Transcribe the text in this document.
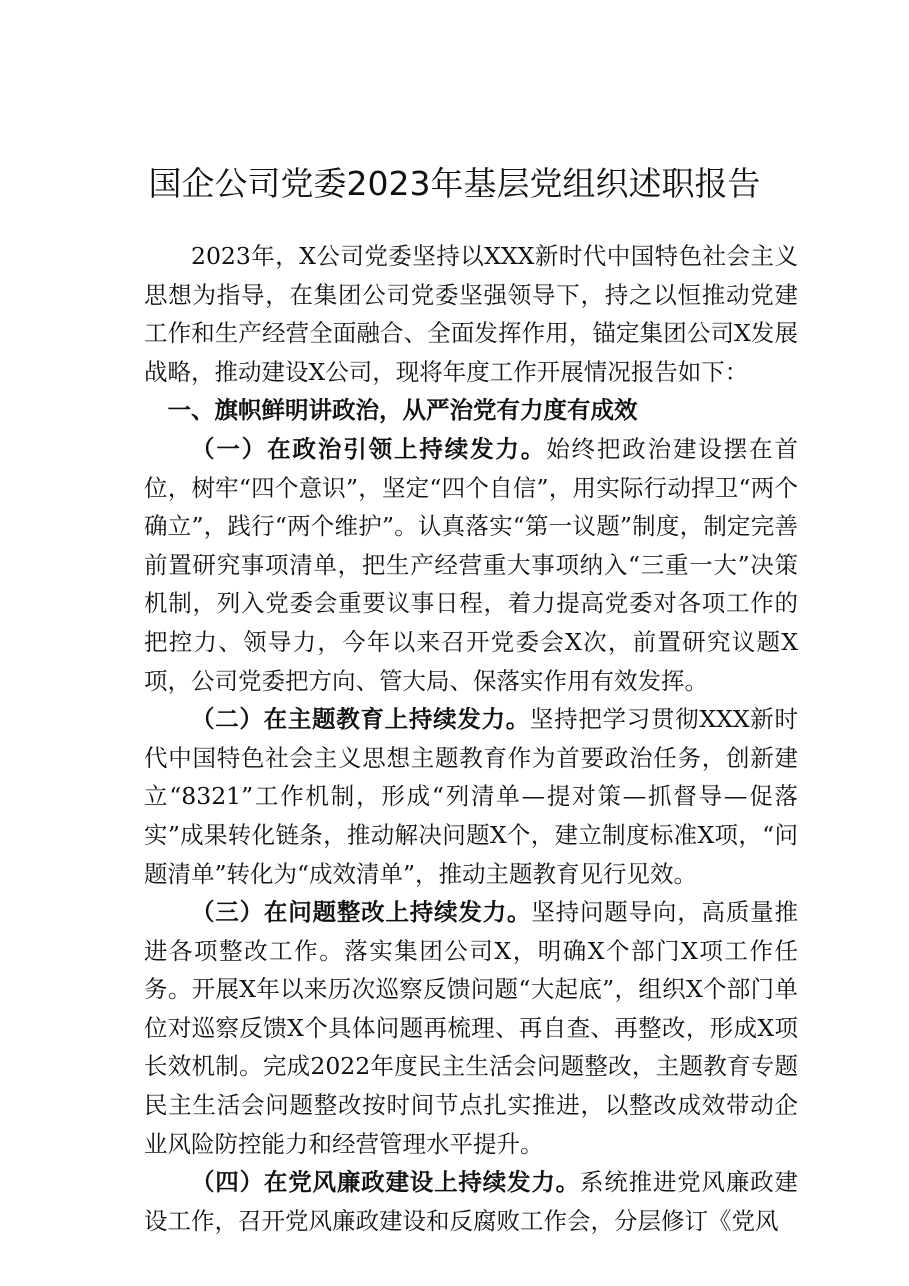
国企公司党委2023年基层党组织述职报告

2023年，X公司党委坚持以XXX新时代中国特色社会主义思想为指导，在集团公司党委坚强领导下，持之以恒推动党建工作和生产经营全面融合、全面发挥作用，锚定集团公司X发展战略，推动建设X公司，现将年度工作开展情况报告如下：

一、旗帜鲜明讲政治，从严治党有力度有成效

（一）在政治引领上持续发力。始终把政治建设摆在首位，树牢“四个意识”，坚定“四个自信”，用实际行动捍卫“两个确立”，践行“两个维护”。认真落实“第一议题”制度，制定完善前置研究事项清单，把生产经营重大事项纳入“三重一大”决策机制，列入党委会重要议事日程，着力提高党委对各项工作的把控力、领导力，今年以来召开党委会X次，前置研究议题X项，公司党委把方向、管大局、保落实作用有效发挥。

（二）在主题教育上持续发力。坚持把学习贯彻XXX新时代中国特色社会主义思想主题教育作为首要政治任务，创新建立“8321”工作机制，形成“列清单—提对策—抓督导—促落实”成果转化链条，推动解决问题X个，建立制度标准X项，“问题清单”转化为“成效清单”，推动主题教育见行见效。

（三）在问题整改上持续发力。坚持问题导向，高质量推进各项整改工作。落实集团公司X，明确X个部门X项工作任务。开展X年以来历次巡察反馈问题“大起底”，组织X个部门单位对巡察反馈X个具体问题再梳理、再自查、再整改，形成X项长效机制。完成2022年度民主生活会问题整改，主题教育专题民主生活会问题整改按时间节点扎实推进，以整改成效带动企业风险防控能力和经营管理水平提升。

（四）在党风廉政建设上持续发力。系统推进党风廉政建设工作，召开党风廉政建设和反腐败工作会，分层修订《党风
